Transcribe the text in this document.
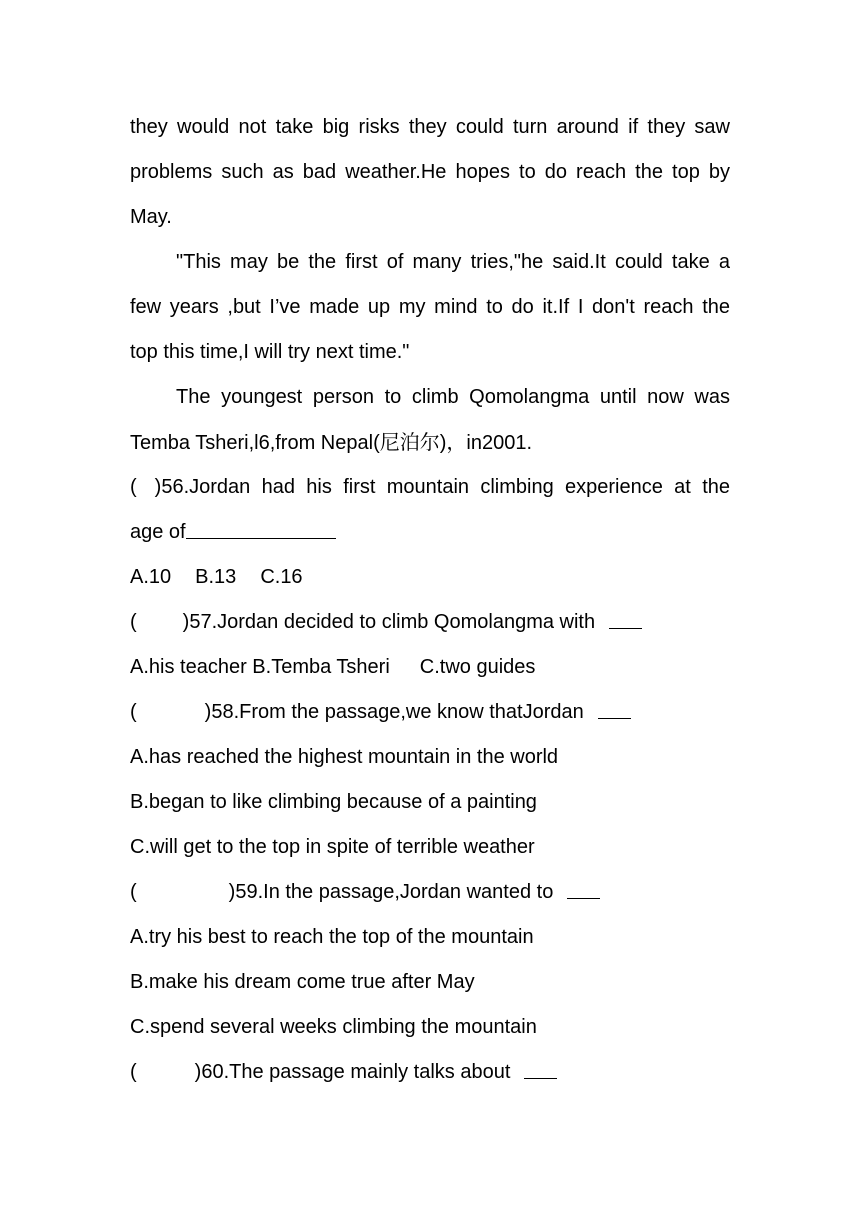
they would not take big risks they could turn around if they saw
problems such as bad weather.He hopes to do reach the top by
May.
"This may be the first of many tries,"he said.It could take a
few years ,but I’ve made up my mind to do it.If I don't reach the
top this time,I will try next time."
The youngest person to climb Qomolangma until now was
Temba Tsheri,l6,from Nepal(尼泊尔)，in2001.
( )56.Jordan had his first mountain climbing experience at the
age of
A.10 B.13 C.16
( )57.Jordan decided to climb Qomolangma with
A.his teacher B.Temba Tsheri C.two guides
(	)58.From the passage,we know thatJordan
A.has reached the highest mountain in the world
B.began to like climbing because of a painting
C.will get to the top in spite of terrible weather
(	)59.In the passage,Jordan wanted to
A.try his best to reach the top of the mountain
B.make his dream come true after May
C.spend several weeks climbing the mountain
(	)60.The passage mainly talks about
